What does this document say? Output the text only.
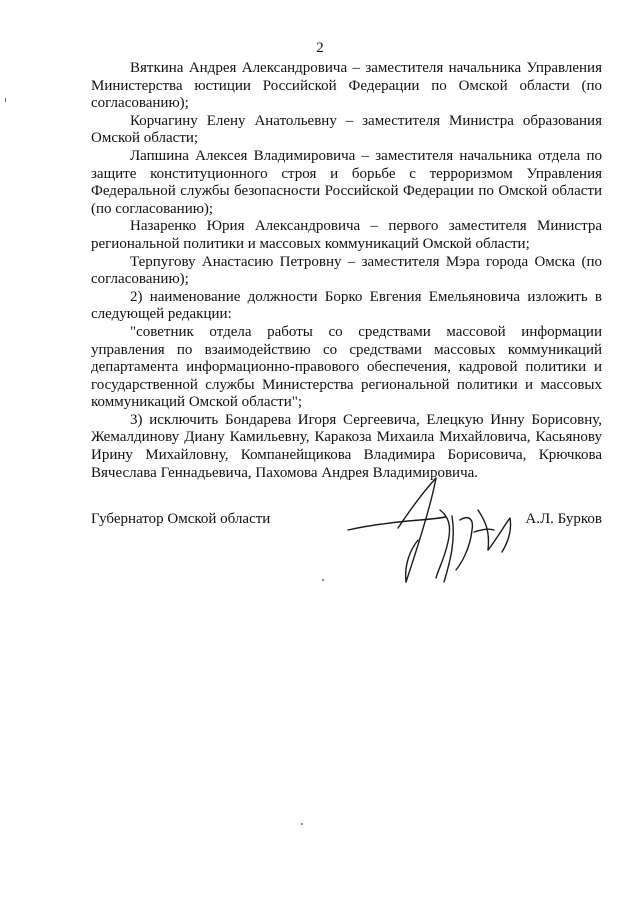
2

Вяткина Андрея Александровича – заместителя начальника Управления Министерства юстиции Российской Федерации по Омской области (по согласованию);

Корчагину Елену Анатольевну – заместителя Министра образования Омской области;

Лапшина Алексея Владимировича – заместителя начальника отдела по защите конституционного строя и борьбе с терроризмом Управления Федеральной службы безопасности Российской Федерации по Омской области (по согласованию);

Назаренко Юрия Александровича – первого заместителя Министра региональной политики и массовых коммуникаций Омской области;

Терпугову Анастасию Петровну – заместителя Мэра города Омска (по согласованию);

2) наименование должности Борко Евгения Емельяновича изложить в следующей редакции:

"советник отдела работы со средствами массовой информации управления по взаимодействию со средствами массовых коммуникаций департамента информационно-правового обеспечения, кадровой политики и государственной службы Министерства региональной политики и массовых коммуникаций Омской области";

3) исключить Бондарева Игоря Сергеевича, Елецкую Инну Борисовну, Жемалдинову Диану Камильевну, Каракоза Михаила Михайловича, Касьянову Ирину Михайловну, Компанейщикова Владимира Борисовича, Крючкова Вячеслава Геннадьевича, Пахомова Андрея Владимировича.

Губернатор Омской области	А.Л. Бурков
